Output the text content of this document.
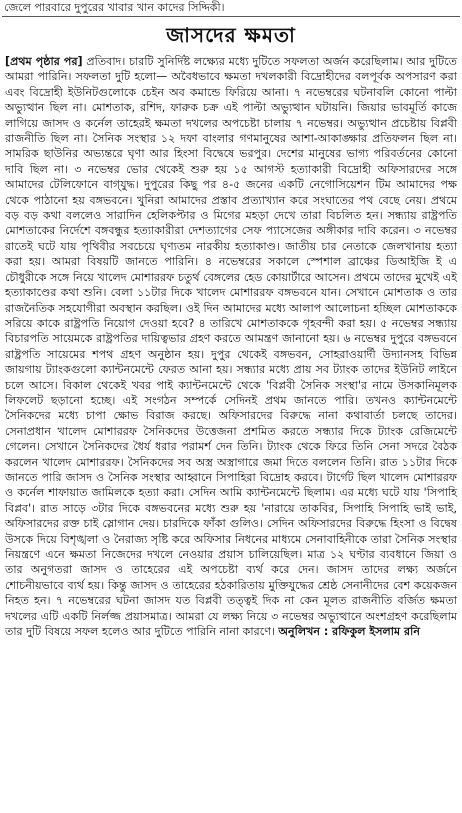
জেলে পারবারে দুপুরের খাবার খান কাদের সিদ্দিকী।
জাসদের ক্ষমতা

[প্রথম পৃষ্ঠার পর] প্রতিবাদ। চারটি সুনির্দিষ্ট লক্ষ্যের মধ্যে দুটিতে সফলতা অর্জন করেছিলাম। আর দুটিতে আমরা পারিনি। সফলতা দুটি হলো— অবৈধভাবে ক্ষমতা দখলকারী বিদ্রোহীদের বলপূর্বক অপসারণ করা এবং বিদ্রোহী ইউনিটগুলোকে চেইন অব কমান্ডে ফিরিয়ে আনা। ৭ নভেম্বরের ঘটনাবলি কোনো পাল্টা অভ্যুত্থান ছিল না। মোশতাক, রশিদ, ফারুক চক্র এই পাল্টা অভ্যুত্থান ঘটায়নি। জিয়ার ভাবমূর্তি কাজে লাগিয়ে জাসদ ও কর্নেল তাহেরই ক্ষমতা দখলের অপচেষ্টা চালায় ৭ নভেম্বর। অভ্যুত্থান প্রচেষ্টায় বিপ্লবী রাজনীতি ছিল না। সৈনিক সংস্থার ১২ দফা বাংলার গণমানুষের আশা-আকাঙ্ক্ষার প্রতিফলন ছিল না। সামরিক ছাউনির অভ্যন্তরে ঘৃণা আর হিংসা বিদ্বেষে ভরপুর। দেশের মানুষের ভাগ্য পরিবর্তনের কোনো দাবি ছিল না। ৩ নভেম্বর ভোর থেকেই শুরু হয় ১৫ আগস্ট হত্যাকারী বিদ্রোহী অফিসারদের সঙ্গে আমাদের টেলিফোনে বাগ্‌যুদ্ধ। দুপুরের কিছু পর ৪-৫ জনের একটি নেগোসিয়েশন টিম আমাদের পক্ষ থেকে পাঠানো হয় বঙ্গভবনে। খুনিরা আমাদের প্রস্তাব প্রত্যাখ্যান করে সংঘাতের পথ বেছে নেয়। প্রথমে বড় বড় কথা বললেও সারাদিন হেলিকপ্টার ও মিগের মহড়া দেখে তারা বিচলিত হন। সন্ধ্যায় রাষ্ট্রপতি মোশতাকের নির্দেশে বঙ্গবন্ধুর হত্যাকারীরা দেশত্যাগের সেফ প্যাসেজের অঙ্গীকার দাবি করেন। ৩ নভেম্বর রাতেই ঘটে যায় পৃথিবীর সবচেয়ে ঘৃণ্যতম নারকীয় হত্যাকাণ্ড। জাতীয় চার নেতাকে জেলখানায় হত্যা করা হয়। আমরা বিষয়টি জানতে পারিনি। ৪ নভেম্বরের সকালে স্পেশাল ব্রাঞ্চের ডিআইজি ই এ চৌধুরীকে সঙ্গে নিয়ে খালেদ মোশাররফ চতুর্থ বেঙ্গলের হেড কোয়ার্টারে আসেন। প্রথমে তাদের মুখেই এই হত্যাকাণ্ডের কথা শুনি। বেলা ১১টার দিকে খালেদ মোশাররফ বঙ্গভবনে যান। সেখানে মোশতাক ও তার রাজনৈতিক সহযোগীরা অবস্থান করছিল। ওই দিন আমাদের মধ্যে আলাপ আলোচনা হচ্ছিল মোশতাককে সরিয়ে কাকে রাষ্ট্রপতি নিয়োগ দেওয়া হবে? ৪ তারিখে মোশতাককে গৃহবন্দী করা হয়। ৫ নভেম্বর সন্ধ্যায় বিচারপতি সায়েমকে রাষ্ট্রপতির দায়িত্বভার গ্রহণ করতে আমন্ত্রণ জানানো হয়। ৬ নভেম্বর দুপুরে বঙ্গভবনে রাষ্ট্রপতি সায়েমের শপথ গ্রহণ অনুষ্ঠান হয়। দুপুর থেকেই বঙ্গভবন, সোহরাওয়ার্দী উদ্যানসহ বিভিন্ন জায়গায় ট্যাংকগুলো ক্যান্টনমেন্টে ফেরত আনা হয়। সন্ধ্যার মধ্যে প্রায় সব ট্যাংক তাদের ইউনিট লাইনে চলে আসে। বিকাল থেকেই খবর পাই ক্যান্টনমেন্টে থেকে 'বিপ্লবী সৈনিক সংস্থা'র নামে উসকানিমূলক লিফলেট ছড়ানো হচ্ছে। এই সংগঠন সম্পর্কে সেদিনই প্রথম জানতে পারি। তখনও ক্যান্টনমেন্টে সৈনিকদের মধ্যে চাপা ক্ষোভ বিরাজ করছে। অফিসারদের বিরুদ্ধে নানা কথাবার্তা চলছে তাদের। সেনাপ্রধান খালেদ মোশাররফ সৈনিকদের উত্তেজনা প্রশমিত করতে সন্ধ্যার দিকে ট্যাংক রেজিমেন্টে গেলেন। সেখানে সৈনিকদের ধৈর্য ধরার পরামর্শ দেন তিনি। ট্যাংক থেকে ফিরে তিনি সেনা সদরে বৈঠক করলেন খালেদ মোশাররফ। সৈনিকদের সব অস্ত্র অস্ত্রাগারে জমা দিতে বললেন তিনি। রাত ১১টার দিকে জানতে পারি জাসদ ও সৈনিক সংস্থার আহ্বানে সিপাহিরা বিদ্রোহ করবে। টার্গেট ছিল খালেদ মোশাররফ ও কর্নেল শাফায়াত জামিলকে হত্যা করা। সেদিন আমি ক্যান্টনমেন্টে ছিলাম। এর মধ্যে ঘটে যায় 'সিপাহি বিপ্লব'। রাত সাড়ে ৩টার দিকে বঙ্গভবনের মধ্যে শুরু হয় 'নারায়ে তাকবির, সিপাহি সিপাহি ভাই ভাই, অফিসারদের রক্ত চাই স্লোগান দেয়। চারদিকে ফাঁকা গুলিও। সেদিন অফিসারদের বিরুদ্ধে হিংসা ও বিদ্বেষ উসকে দিয়ে বিশৃঙ্খলা ও নৈরাজ্য সৃষ্টি করে অফিসার নিধনের মাধ্যমে সেনাবাহিনীকে তারা সৈনিক সংস্থার নিয়ন্ত্রণে এনে ক্ষমতা নিজেদের দখলে নেওয়ার প্রয়াস চালিয়েছিল। মাত্র ১২ ঘণ্টার ব্যবধানে জিয়া ও তার অনুগতরা জাসদ ও তাহেরের এই অপচেষ্টা ব্যর্থ করে দেন। জাসদ তাদের লক্ষ্য অর্জনে শোচনীয়ভাবে ব্যর্থ হয়। কিন্তু জাসদ ও তাহেরের হঠকারিতায় মুক্তিযুদ্ধের শ্রেষ্ঠ সেনানীদের বেশ কয়েকজন নিহত হন। ৭ নভেম্বরের ঘটনা জাসদ যত বিপ্লবী তত্ত্বই দিক না কেন মূলত রাজনীতি বর্জিত ক্ষমতা দখলের এটি একটি নির্লজ্জ প্রয়াসমাত্র। আমরা যে লক্ষ্য নিয়ে ৩ নভেম্বর অভ্যুত্থানে অংশগ্রহণ করেছিলাম তার দুটি বিষয়ে সফল হলেও আর দুটিতে পারিনি নানা কারণে। অনুলিখন : রফিকুল ইসলাম রনি
